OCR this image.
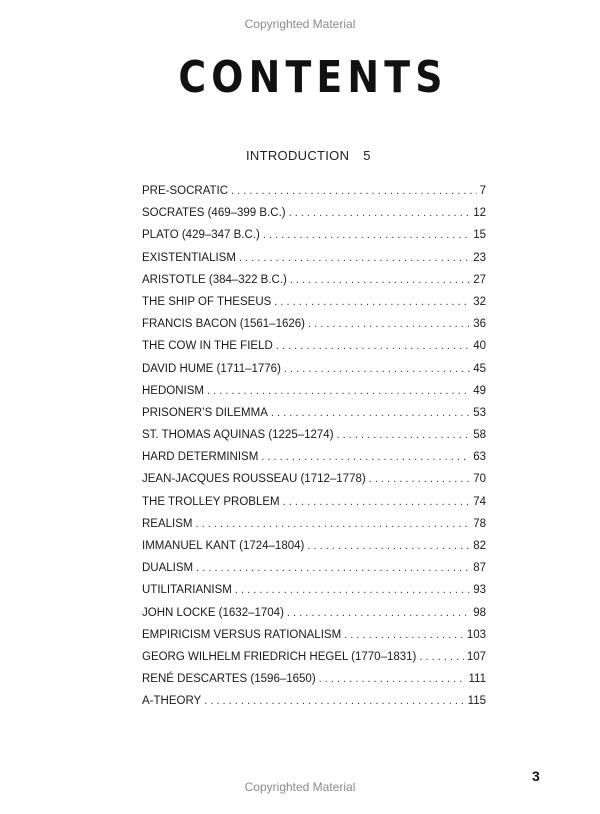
Copyrighted Material
CONTENTS
INTRODUCTION 5
PRE-SOCRATIC . . .	7
SOCRATES (469–399 B.C.) . . .	12
PLATO (429–347 B.C.) . . .	15
EXISTENTIALISM . . .	23
ARISTOTLE (384–322 B.C.) . . .	27
THE SHIP OF THESEUS . . .	32
FRANCIS BACON (1561–1626) . . .	36
THE COW IN THE FIELD . . .	40
DAVID HUME (1711–1776) . . .	45
HEDONISM . . .	49
PRISONER’S DILEMMA . . .	53
ST. THOMAS AQUINAS (1225–1274) . . .	58
HARD DETERMINISM . . .	63
JEAN-JACQUES ROUSSEAU (1712–1778) . . .	70
THE TROLLEY PROBLEM . . .	74
REALISM . . .	78
IMMANUEL KANT (1724–1804) . . .	82
DUALISM . . .	87
UTILITARIANISM . . .	93
JOHN LOCKE (1632–1704) . . .	98
EMPIRICISM VERSUS RATIONALISM . . .	103
GEORG WILHELM FRIEDRICH HEGEL (1770–1831) . . .	107
RENÉ DESCARTES (1596–1650) . . .	111
A-THEORY . . .	115
3
Copyrighted Material
